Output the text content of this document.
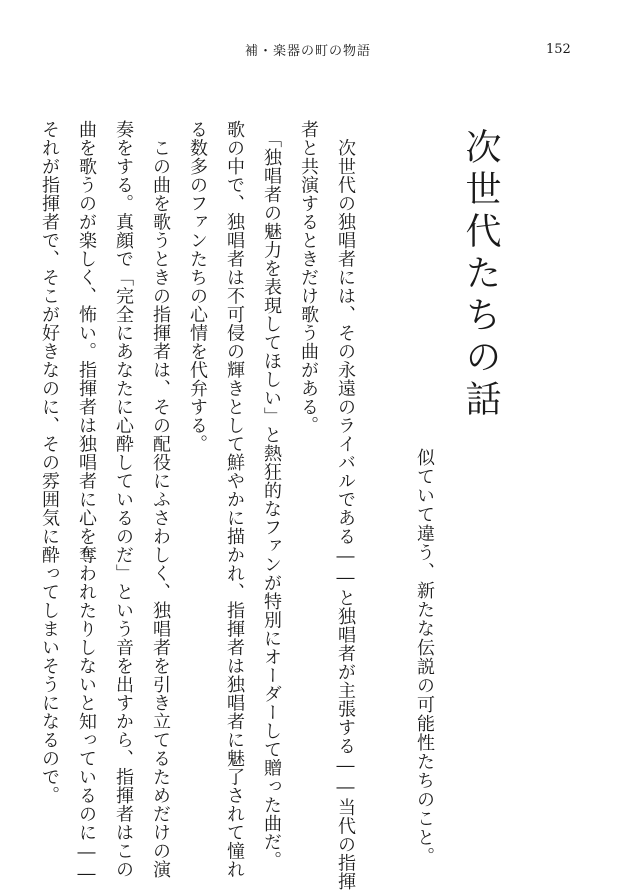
補・楽器の町の物語	152
次世代たちの話
似ていて違う、新たな伝説の可能性たちのこと。

　次世代の独唱者には、その永遠のライバルである――と独唱者が主張する――当代の指揮

者と共演するときだけ歌う曲がある。

　「独唱者の魅力を表現してほしい」と熱狂的なファンが特別にオーダーして贈った曲だ。

歌の中で、独唱者は不可侵の輝きとして鮮やかに描かれ、指揮者は独唱者に魅了されて憧れ

る数多のファンたちの心情を代弁する。

　この曲を歌うときの指揮者は、その配役にふさわしく、独唱者を引き立てるためだけの演

奏をする。真顔で「完全にあなたに心酔しているのだ」という音を出すから、指揮者はこの

曲を歌うのが楽しく、怖い。指揮者は独唱者に心を奪われたりしないと知っているのに――

それが指揮者で、そこが好きなのに、その雰囲気に酔ってしまいそうになるので。
